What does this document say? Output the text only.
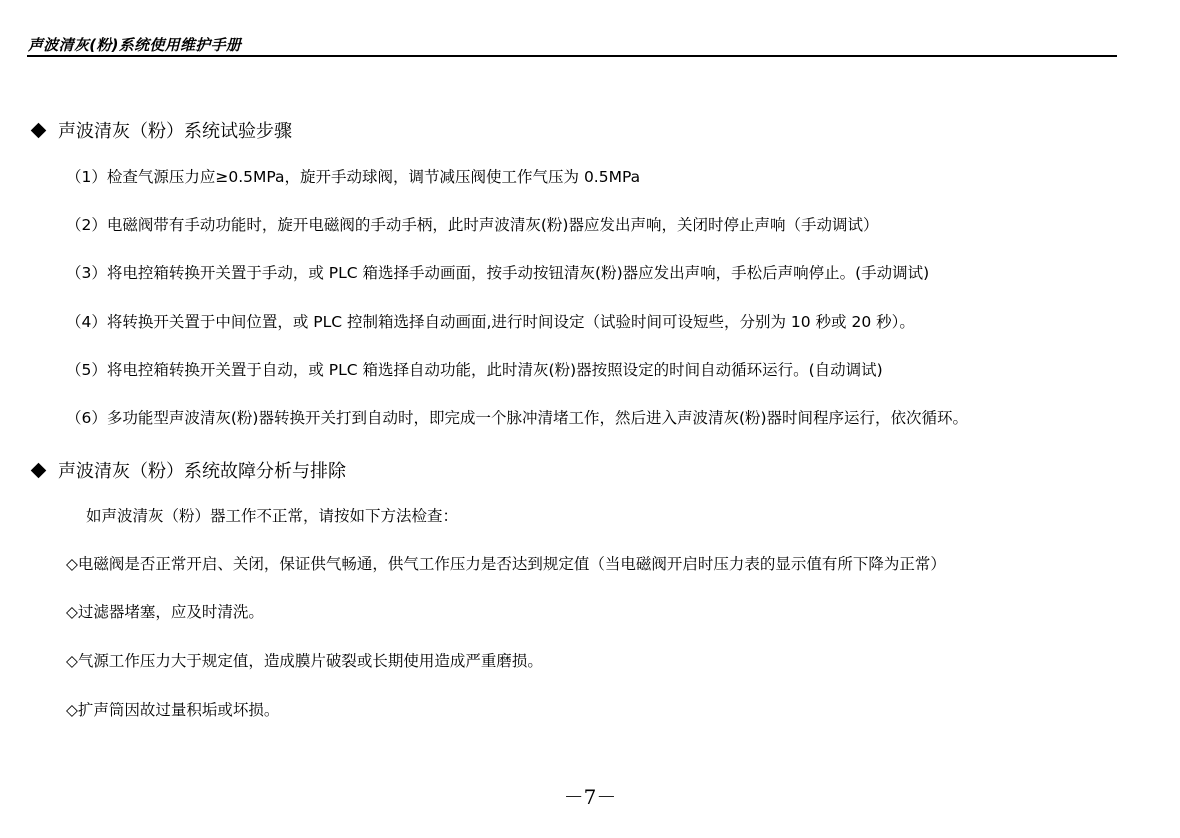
声波清灰(粉)系统使用维护手册
声波清灰（粉）系统试验步骤
（1）检查气源压力应≥0.5MPa，旋开手动球阀，调节减压阀使工作气压为 0.5MPa
（2）电磁阀带有手动功能时，旋开电磁阀的手动手柄，此时声波清灰(粉)器应发出声响，关闭时停止声响（手动调试）
（3）将电控箱转换开关置于手动，或 PLC 箱选择手动画面，按手动按钮清灰(粉)器应发出声响，手松后声响停止。(手动调试)
（4）将转换开关置于中间位置，或 PLC 控制箱选择自动画面,进行时间设定（试验时间可设短些，分别为 10 秒或 20 秒）。
（5）将电控箱转换开关置于自动，或 PLC 箱选择自动功能，此时清灰(粉)器按照设定的时间自动循环运行。(自动调试)
（6）多功能型声波清灰(粉)器转换开关打到自动时，即完成一个脉冲清堵工作，然后进入声波清灰(粉)器时间程序运行，依次循环。
声波清灰（粉）系统故障分析与排除
如声波清灰（粉）器工作不正常，请按如下方法检查：
◇电磁阀是否正常开启、关闭，保证供气畅通，供气工作压力是否达到规定值（当电磁阀开启时压力表的显示值有所下降为正常）
◇过滤器堵塞，应及时清洗。
◇气源工作压力大于规定值，造成膜片破裂或长期使用造成严重磨损。
◇扩声筒因故过量积垢或坏损。
－7－
